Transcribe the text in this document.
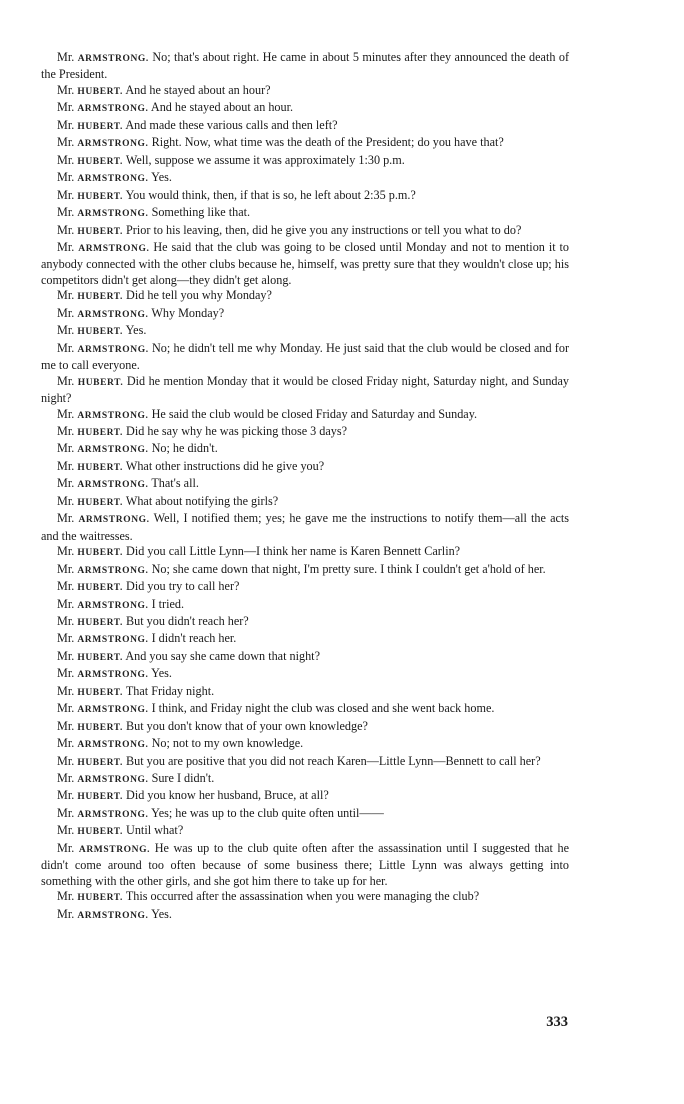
Mr. ARMSTRONG. No; that's about right. He came in about 5 minutes after they announced the death of the President.

Mr. HUBERT. And he stayed about an hour?

Mr. ARMSTRONG. And he stayed about an hour.

Mr. HUBERT. And made these various calls and then left?

Mr. ARMSTRONG. Right. Now, what time was the death of the President; do you have that?

Mr. HUBERT. Well, suppose we assume it was approximately 1:30 p.m.

Mr. ARMSTRONG. Yes.

Mr. HUBERT. You would think, then, if that is so, he left about 2:35 p.m.?

Mr. ARMSTRONG. Something like that.

Mr. HUBERT. Prior to his leaving, then, did he give you any instructions or tell you what to do?

Mr. ARMSTRONG. He said that the club was going to be closed until Monday and not to mention it to anybody connected with the other clubs because he, himself, was pretty sure that they wouldn't close up; his competitors didn't get along—they didn't get along.

Mr. HUBERT. Did he tell you why Monday?

Mr. ARMSTRONG. Why Monday?

Mr. HUBERT. Yes.

Mr. ARMSTRONG. No; he didn't tell me why Monday. He just said that the club would be closed and for me to call everyone.

Mr. HUBERT. Did he mention Monday that it would be closed Friday night, Saturday night, and Sunday night?

Mr. ARMSTRONG. He said the club would be closed Friday and Saturday and Sunday.

Mr. HUBERT. Did he say why he was picking those 3 days?

Mr. ARMSTRONG. No; he didn't.

Mr. HUBERT. What other instructions did he give you?

Mr. ARMSTRONG. That's all.

Mr. HUBERT. What about notifying the girls?

Mr. ARMSTRONG. Well, I notified them; yes; he gave me the instructions to notify them—all the acts and the waitresses.

Mr. HUBERT. Did you call Little Lynn—I think her name is Karen Bennett Carlin?

Mr. ARMSTRONG. No; she came down that night, I'm pretty sure. I think I couldn't get a'hold of her.

Mr. HUBERT. Did you try to call her?

Mr. ARMSTRONG. I tried.

Mr. HUBERT. But you didn't reach her?

Mr. ARMSTRONG. I didn't reach her.

Mr. HUBERT. And you say she came down that night?

Mr. ARMSTRONG. Yes.

Mr. HUBERT. That Friday night.

Mr. ARMSTRONG. I think, and Friday night the club was closed and she went back home.

Mr. HUBERT. But you don't know that of your own knowledge?

Mr. ARMSTRONG. No; not to my own knowledge.

Mr. HUBERT. But you are positive that you did not reach Karen—Little Lynn—Bennett to call her?

Mr. ARMSTRONG. Sure I didn't.

Mr. HUBERT. Did you know her husband, Bruce, at all?

Mr. ARMSTRONG. Yes; he was up to the club quite often until——

Mr. HUBERT. Until what?

Mr. ARMSTRONG. He was up to the club quite often after the assassination until I suggested that he didn't come around too often because of some business there; Little Lynn was always getting into something with the other girls, and she got him there to take up for her.

Mr. HUBERT. This occurred after the assassination when you were managing the club?

Mr. ARMSTRONG. Yes.

333
